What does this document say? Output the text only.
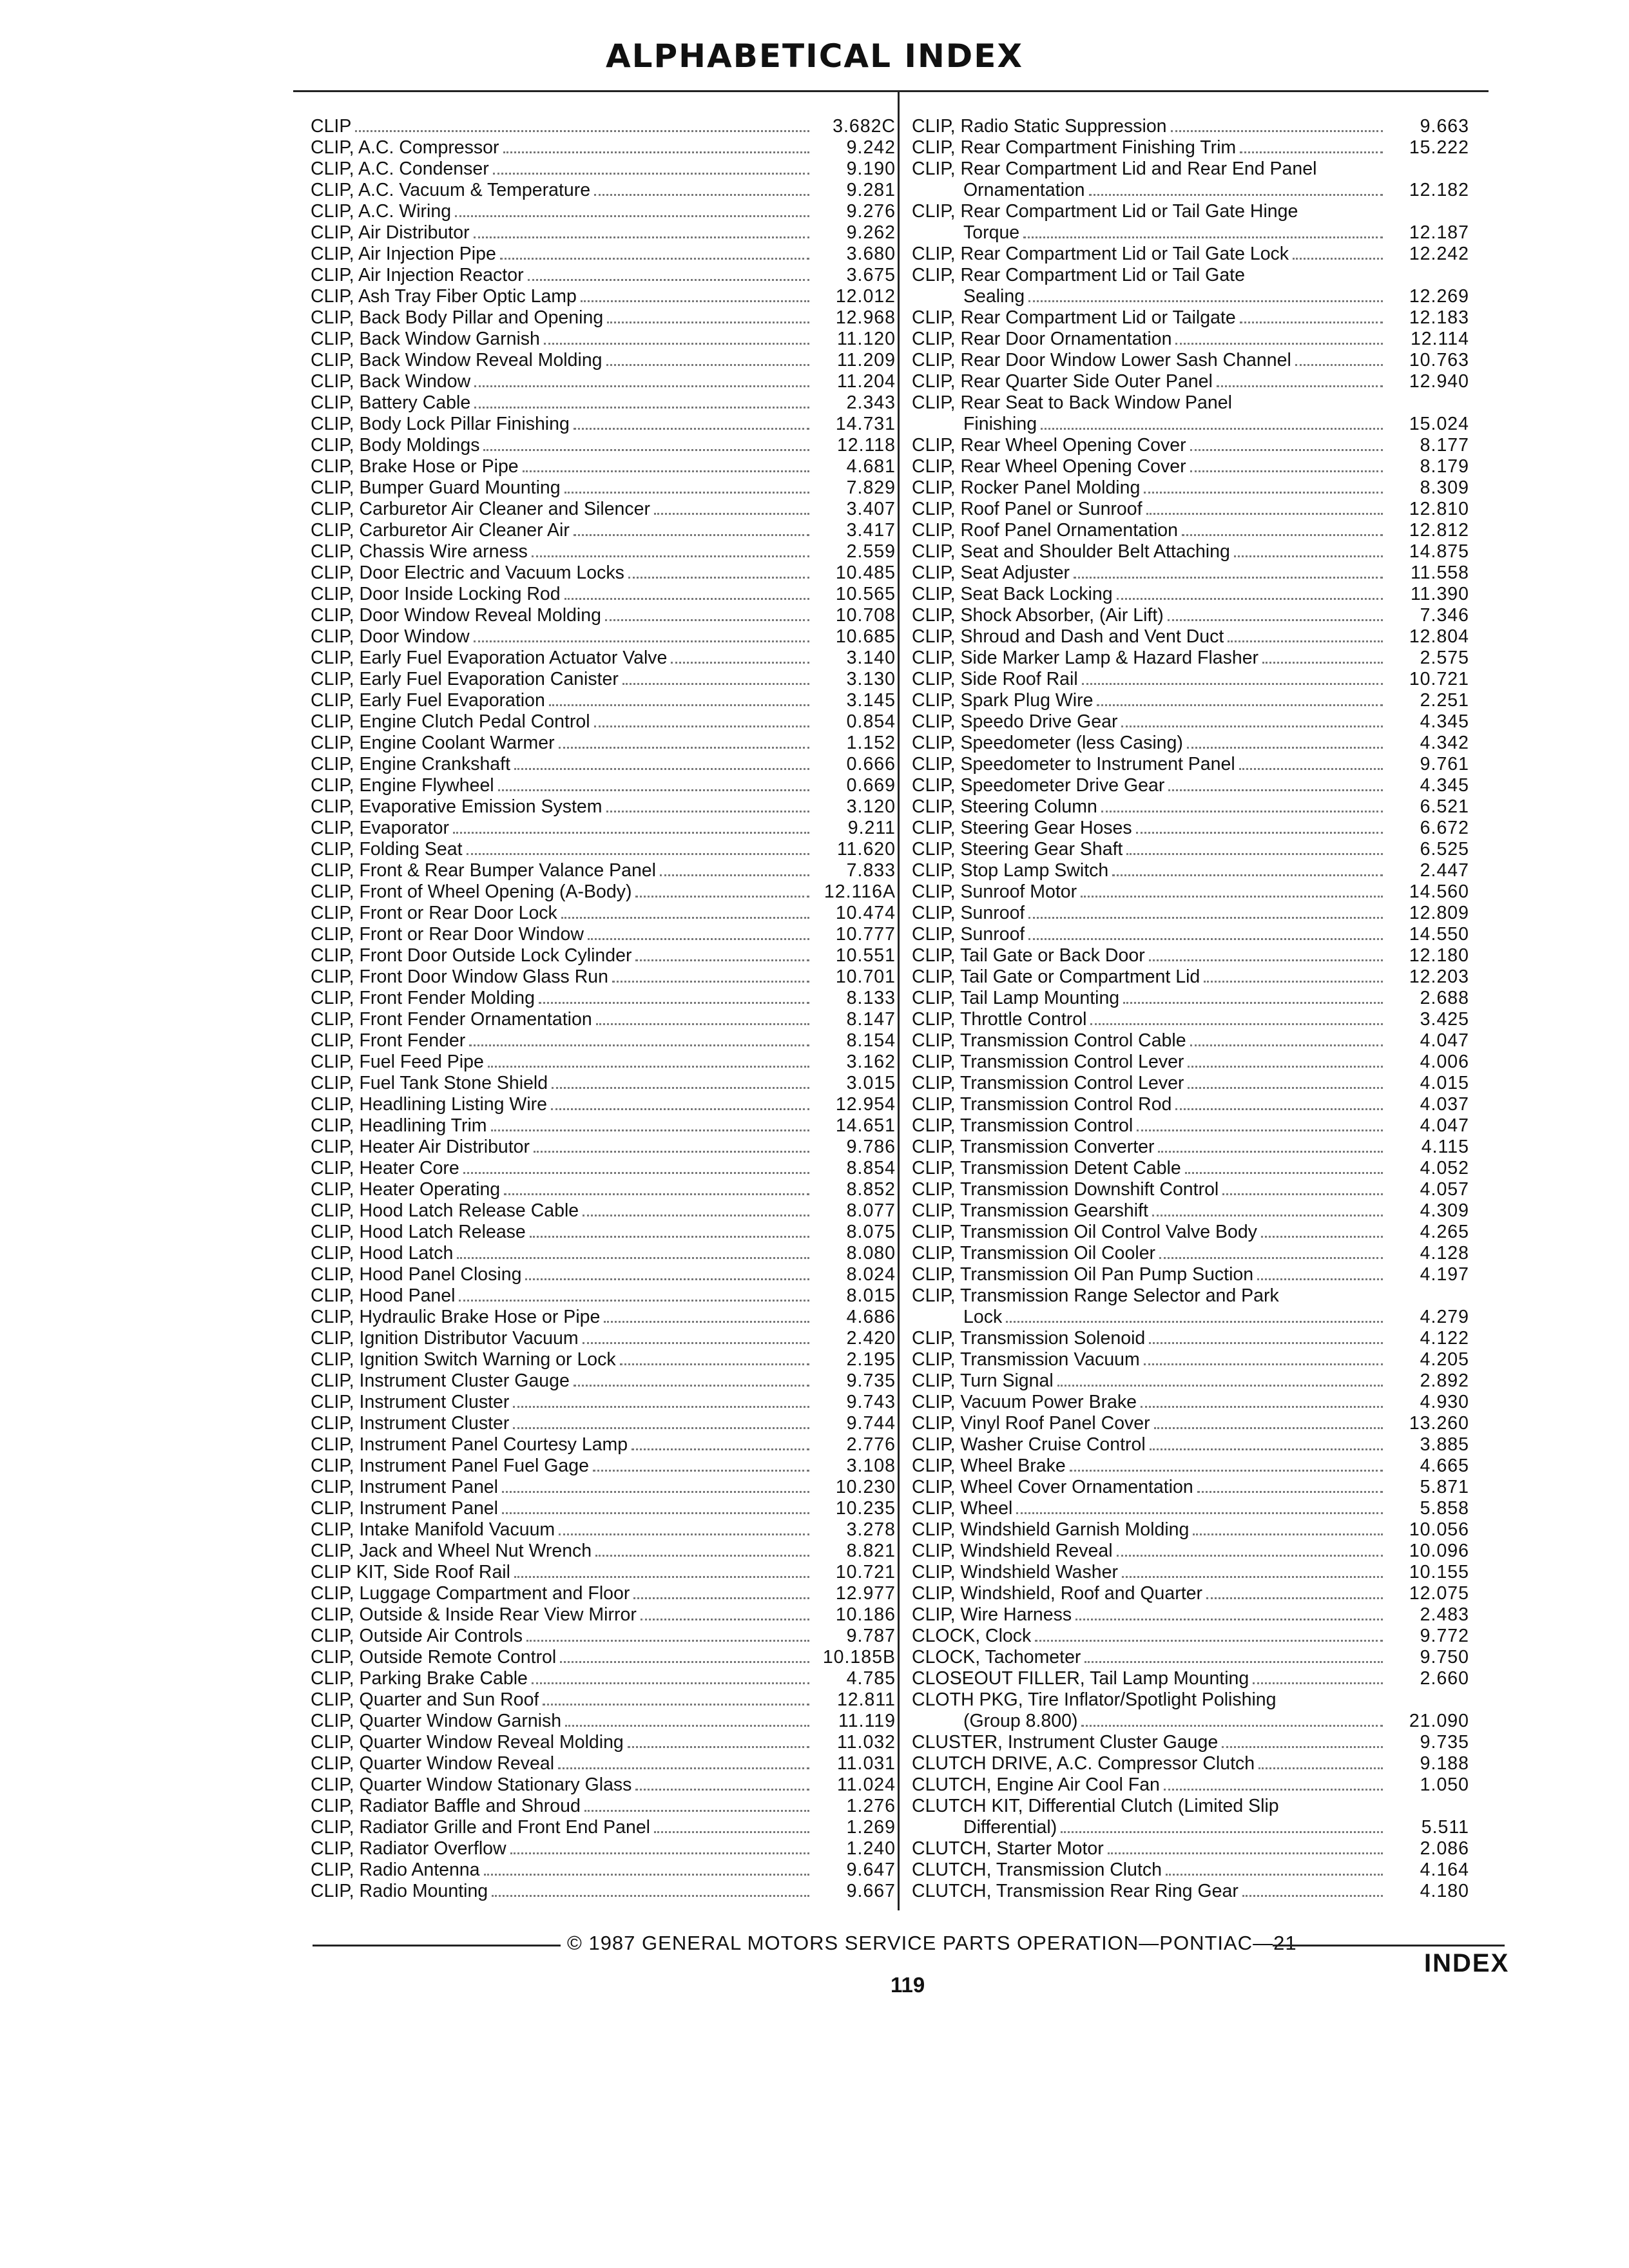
ALPHABETICAL INDEX
CLIP	3.682C
CLIP, A.C. Compressor	9.242
CLIP, A.C. Condenser	9.190
CLIP, A.C. Vacuum & Temperature	9.281
CLIP, A.C. Wiring	9.276
CLIP, Air Distributor	9.262
CLIP, Air Injection Pipe	3.680
CLIP, Air Injection Reactor	3.675
CLIP, Ash Tray Fiber Optic Lamp	12.012
CLIP, Back Body Pillar and Opening	12.968
CLIP, Back Window Garnish	11.120
CLIP, Back Window Reveal Molding	11.209
CLIP, Back Window	11.204
CLIP, Battery Cable	2.343
CLIP, Body Lock Pillar Finishing	14.731
CLIP, Body Moldings	12.118
CLIP, Brake Hose or Pipe	4.681
CLIP, Bumper Guard Mounting	7.829
CLIP, Carburetor Air Cleaner and Silencer	3.407
CLIP, Carburetor Air Cleaner Air	3.417
CLIP, Chassis Wire arness	2.559
CLIP, Door Electric and Vacuum Locks	10.485
CLIP, Door Inside Locking Rod	10.565
CLIP, Door Window Reveal Molding	10.708
CLIP, Door Window	10.685
CLIP, Early Fuel Evaporation Actuator Valve	3.140
CLIP, Early Fuel Evaporation Canister	3.130
CLIP, Early Fuel Evaporation	3.145
CLIP, Engine Clutch Pedal Control	0.854
CLIP, Engine Coolant Warmer	1.152
CLIP, Engine Crankshaft	0.666
CLIP, Engine Flywheel	0.669
CLIP, Evaporative Emission System	3.120
CLIP, Evaporator	9.211
CLIP, Folding Seat	11.620
CLIP, Front & Rear Bumper Valance Panel	7.833
CLIP, Front of Wheel Opening (A-Body)	12.116A
CLIP, Front or Rear Door Lock	10.474
CLIP, Front or Rear Door Window	10.777
CLIP, Front Door Outside Lock Cylinder	10.551
CLIP, Front Door Window Glass Run	10.701
CLIP, Front Fender Molding	8.133
CLIP, Front Fender Ornamentation	8.147
CLIP, Front Fender	8.154
CLIP, Fuel Feed Pipe	3.162
CLIP, Fuel Tank Stone Shield	3.015
CLIP, Headlining Listing Wire	12.954
CLIP, Headlining Trim	14.651
CLIP, Heater Air Distributor	9.786
CLIP, Heater Core	8.854
CLIP, Heater Operating	8.852
CLIP, Hood Latch Release Cable	8.077
CLIP, Hood Latch Release	8.075
CLIP, Hood Latch	8.080
CLIP, Hood Panel Closing	8.024
CLIP, Hood Panel	8.015
CLIP, Hydraulic Brake Hose or Pipe	4.686
CLIP, Ignition Distributor Vacuum	2.420
CLIP, Ignition Switch Warning or Lock	2.195
CLIP, Instrument Cluster Gauge	9.735
CLIP, Instrument Cluster	9.743
CLIP, Instrument Cluster	9.744
CLIP, Instrument Panel Courtesy Lamp	2.776
CLIP, Instrument Panel Fuel Gage	3.108
CLIP, Instrument Panel	10.230
CLIP, Instrument Panel	10.235
CLIP, Intake Manifold Vacuum	3.278
CLIP, Jack and Wheel Nut Wrench	8.821
CLIP KIT, Side Roof Rail	10.721
CLIP, Luggage Compartment and Floor	12.977
CLIP, Outside & Inside Rear View Mirror	10.186
CLIP, Outside Air Controls	9.787
CLIP, Outside Remote Control	10.185B
CLIP, Parking Brake Cable	4.785
CLIP, Quarter and Sun Roof	12.811
CLIP, Quarter Window Garnish	11.119
CLIP, Quarter Window Reveal Molding	11.032
CLIP, Quarter Window Reveal	11.031
CLIP, Quarter Window Stationary Glass	11.024
CLIP, Radiator Baffle and Shroud	1.276
CLIP, Radiator Grille and Front End Panel	1.269
CLIP, Radiator Overflow	1.240
CLIP, Radio Antenna	9.647
CLIP, Radio Mounting	9.667
CLIP, Radio Static Suppression	9.663
CLIP, Rear Compartment Finishing Trim	15.222
CLIP, Rear Compartment Lid and Rear End Panel
Ornamentation	12.182
CLIP, Rear Compartment Lid or Tail Gate Hinge
Torque	12.187
CLIP, Rear Compartment Lid or Tail Gate Lock	12.242
CLIP, Rear Compartment Lid or Tail Gate
Sealing	12.269
CLIP, Rear Compartment Lid or Tailgate	12.183
CLIP, Rear Door Ornamentation	12.114
CLIP, Rear Door Window Lower Sash Channel	10.763
CLIP, Rear Quarter Side Outer Panel	12.940
CLIP, Rear Seat to Back Window Panel
Finishing	15.024
CLIP, Rear Wheel Opening Cover	8.177
CLIP, Rear Wheel Opening Cover	8.179
CLIP, Rocker Panel Molding	8.309
CLIP, Roof Panel or Sunroof	12.810
CLIP, Roof Panel Ornamentation	12.812
CLIP, Seat and Shoulder Belt Attaching	14.875
CLIP, Seat Adjuster	11.558
CLIP, Seat Back Locking	11.390
CLIP, Shock Absorber, (Air Lift)	7.346
CLIP, Shroud and Dash and Vent Duct	12.804
CLIP, Side Marker Lamp & Hazard Flasher	2.575
CLIP, Side Roof Rail	10.721
CLIP, Spark Plug Wire	2.251
CLIP, Speedo Drive Gear	4.345
CLIP, Speedometer (less Casing)	4.342
CLIP, Speedometer to Instrument Panel	9.761
CLIP, Speedometer Drive Gear	4.345
CLIP, Steering Column	6.521
CLIP, Steering Gear Hoses	6.672
CLIP, Steering Gear Shaft	6.525
CLIP, Stop Lamp Switch	2.447
CLIP, Sunroof Motor	14.560
CLIP, Sunroof	12.809
CLIP, Sunroof	14.550
CLIP, Tail Gate or Back Door	12.180
CLIP, Tail Gate or Compartment Lid	12.203
CLIP, Tail Lamp Mounting	2.688
CLIP, Throttle Control	3.425
CLIP, Transmission Control Cable	4.047
CLIP, Transmission Control Lever	4.006
CLIP, Transmission Control Lever	4.015
CLIP, Transmission Control Rod	4.037
CLIP, Transmission Control	4.047
CLIP, Transmission Converter	4.115
CLIP, Transmission Detent Cable	4.052
CLIP, Transmission Downshift Control	4.057
CLIP, Transmission Gearshift	4.309
CLIP, Transmission Oil Control Valve Body	4.265
CLIP, Transmission Oil Cooler	4.128
CLIP, Transmission Oil Pan Pump Suction	4.197
CLIP, Transmission Range Selector and Park
Lock	4.279
CLIP, Transmission Solenoid	4.122
CLIP, Transmission Vacuum	4.205
CLIP, Turn Signal	2.892
CLIP, Vacuum Power Brake	4.930
CLIP, Vinyl Roof Panel Cover	13.260
CLIP, Washer Cruise Control	3.885
CLIP, Wheel Brake	4.665
CLIP, Wheel Cover Ornamentation	5.871
CLIP, Wheel	5.858
CLIP, Windshield Garnish Molding	10.056
CLIP, Windshield Reveal	10.096
CLIP, Windshield Washer	10.155
CLIP, Windshield, Roof and Quarter	12.075
CLIP, Wire Harness	2.483
CLOCK, Clock	9.772
CLOCK, Tachometer	9.750
CLOSEOUT FILLER, Tail Lamp Mounting	2.660
CLOTH PKG, Tire Inflator/Spotlight Polishing
(Group 8.800)	21.090
CLUSTER, Instrument Cluster Gauge	9.735
CLUTCH DRIVE, A.C. Compressor Clutch	9.188
CLUTCH, Engine Air Cool Fan	1.050
CLUTCH KIT, Differential Clutch (Limited Slip
Differential)	5.511
CLUTCH, Starter Motor	2.086
CLUTCH, Transmission Clutch	4.164
CLUTCH, Transmission Rear Ring Gear	4.180
© 1987 GENERAL MOTORS SERVICE PARTS OPERATION—PONTIAC—21
119
INDEX
